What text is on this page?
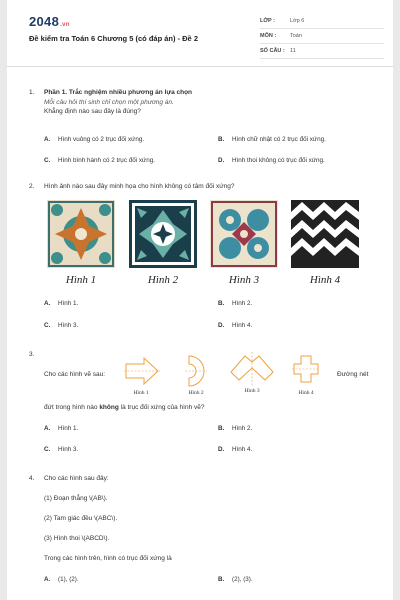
2048.vn
Đề kiểm tra Toán 6 Chương 5 (có đáp án) - Đề 2
LỚP :	Lớp 6
MÔN :	Toán
SỐ CÂU : 11
1.	Phần 1. Trắc nghiệm nhiều phương án lựa chọn
Mỗi câu hỏi thí sinh chỉ chọn một phương án.
Khẳng định nào sau đây là đúng?
A. Hình vuông có 2 trục đối xứng.	B. Hình chữ nhật có 2 trục đối xứng.
C. Hình bình hành có 2 trục đối xứng.	D. Hình thoi không có trục đối xứng.
2.	Hình ảnh nào sau đây minh họa cho hình không có tâm đối xứng?
Hình 1	Hình 2	Hình 3	Hình 4
A. Hình 1.	B. Hình 2.
C. Hình 3.	D. Hình 4.
3.
Cho các hình vẽ sau:	Đường nét
đứt trong hình nào không là trục đối xứng của hình vẽ?
Hình 1	Hình 2	Hình 3	Hình 4
A. Hình 1.	B. Hình 2.
C. Hình 3.	D. Hình 4.
4.	Cho các hình sau đây:
(1) Đoạn thẳng \(AB\).
(2) Tam giác đều \(ABC\).
(3) Hình thoi \(ABCD\).
Trong các hình trên, hình có trục đối xứng là
A. (1), (2).	B. (2), (3).
